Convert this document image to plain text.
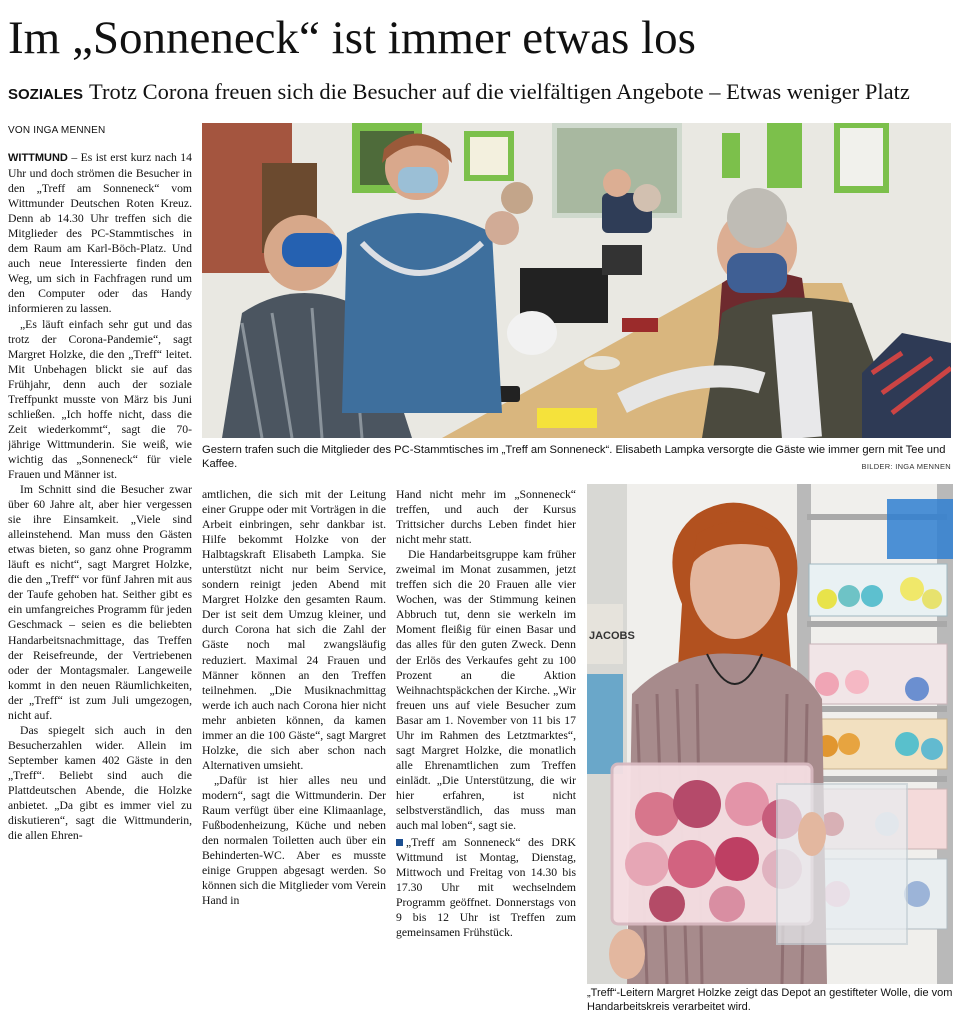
Im „Sonneneck“ ist immer etwas los
SOZIALES Trotz Corona freuen sich die Besucher auf die vielfältigen Angebote – Etwas weniger Platz
VON INGA MENNEN
Gestern trafen such die Mitglieder des PC-Stammtisches im „Treff am Sonneneck“. Elisabeth Lampka versorgte die Gäste wie immer gern mit Tee und Kaffee.	BILDER: INGA MENNEN

WITTMUND – Es ist erst kurz nach 14 Uhr und doch strömen die Besucher in den „Treff am Sonneneck“ vom Wittmunder Deutschen Roten Kreuz. Denn ab 14.30 Uhr treffen sich die Mitglieder des PC-Stammtisches in dem Raum am Karl-Böch-Platz. Und auch neue Interessierte finden den Weg, um sich in Fachfragen rund um den Computer oder das Handy informieren zu lassen.

„Es läuft einfach sehr gut und das trotz der Corona-Pandemie“, sagt Margret Holzke, die den „Treff“ leitet. Mit Unbehagen blickt sie auf das Frühjahr, denn auch der soziale Treffpunkt musste von März bis Juni schließen. „Ich hoffe nicht, dass die Zeit wiederkommt“, sagt die 70-jährige Wittmunderin. Sie weiß, wie wichtig das „Sonneneck“ für viele Frauen und Männer ist.

Im Schnitt sind die Besucher zwar über 60 Jahre alt, aber hier vergessen sie ihre Einsamkeit. „Viele sind alleinstehend. Man muss den Gästen etwas bieten, so ganz ohne Programm läuft es nicht“, sagt Margret Holzke, die den „Treff“ vor fünf Jahren mit aus der Taufe gehoben hat. Seither gibt es ein umfangreiches Programm für jeden Geschmack – seien es die beliebten Handarbeitsnachmittage, das Treffen der Reisefreunde, der Vertriebenen oder der Montagsmaler. Langeweile kommt in den neuen Räumlichkeiten, der „Treff“ ist zum Juli umgezogen, nicht auf.

Das spiegelt sich auch in den Besucherzahlen wider. Allein im September kamen 402 Gäste in den „Treff“. Beliebt sind auch die Plattdeutschen Abende, die Holzke anbietet. „Da gibt es immer viel zu diskutieren“, sagt die Wittmunderin, die allen Ehren-

amtlichen, die sich mit der Leitung einer Gruppe oder mit Vorträgen in die Arbeit einbringen, sehr dankbar ist. Hilfe bekommt Holzke von der Halbtagskraft Elisabeth Lampka. Sie unterstützt nicht nur beim Service, sondern reinigt jeden Abend mit Margret Holzke den gesamten Raum. Der ist seit dem Umzug kleiner, und durch Corona hat sich die Zahl der Gäste noch mal zwangsläufig reduziert. Maximal 24 Frauen und Männer können an den Treffen teilnehmen. „Die Musiknachmittag werde ich auch nach Corona hier nicht mehr anbieten können, da kamen immer an die 100 Gäste“, sagt Margret Holzke, die sich aber schon nach Alternativen umsieht.

„Dafür ist hier alles neu und modern“, sagt die Wittmunderin. Der Raum verfügt über eine Klimaanlage, Fußbodenheizung, Küche und neben den normalen Toiletten auch über ein Behinderten-WC. Aber es musste einige Gruppen abgesagt werden. So können sich die Mitglieder vom Verein Hand in

Hand nicht mehr im „Sonneneck“ treffen, und auch der Kursus Trittsicher durchs Leben findet hier nicht mehr statt.

Die Handarbeitsgruppe kam früher zweimal im Monat zusammen, jetzt treffen sich die 20 Frauen alle vier Wochen, was der Stimmung keinen Abbruch tut, denn sie werkeln im Moment fleißig für einen Basar und das alles für den guten Zweck. Denn der Erlös des Verkaufes geht zu 100 Prozent an die Aktion Weihnachtspäckchen der Kirche. „Wir freuen uns auf viele Besucher zum Basar am 1. November von 11 bis 17 Uhr im Rahmen des Letztmarktes“, sagt Margret Holzke, die monatlich alle Ehrenamtlichen zum Treffen einlädt. „Die Unterstützung, die wir hier erfahren, ist nicht selbstverständlich, das muss man auch mal loben“, sagt sie.

„Treff am Sonneneck“ des DRK Wittmund ist Montag, Dienstag, Mittwoch und Freitag von 14.30 bis 17.30 Uhr mit wechselndem Programm geöffnet. Donnerstags von 9 bis 12 Uhr ist Treffen zum gemeinsamen Frühstück.

JACOBS
„Treff“-Leitern Margret Holzke zeigt das Depot an gestifteter Wolle, die vom Handarbeitskreis verarbeitet wird.
